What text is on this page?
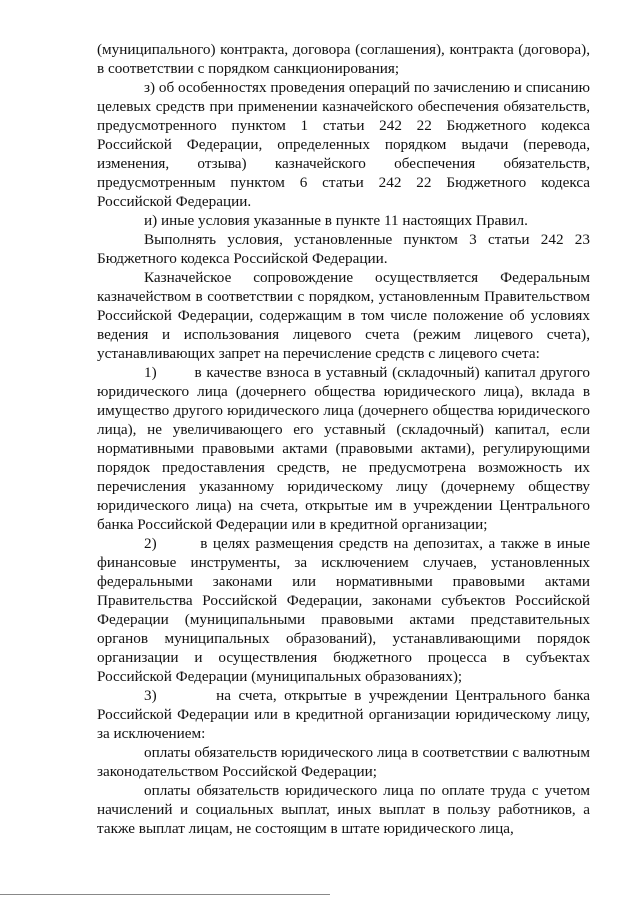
(муниципального) контракта, договора (соглашения), контракта (договора), в соответствии с порядком санкционирования;

з) об особенностях проведения операций по зачислению и списанию целевых средств при применении казначейского обеспечения обязательств, предусмотренного пунктом 1 статьи 242 22 Бюджетного кодекса Российской Федерации, определенных порядком выдачи (перевода, изменения, отзыва) казначейского обеспечения обязательств, предусмотренным пунктом 6 статьи 242 22 Бюджетного кодекса Российской Федерации.

и) иные условия указанные в пункте 11 настоящих Правил.

Выполнять условия, установленные пунктом 3 статьи 242 23 Бюджетного кодекса Российской Федерации.

Казначейское сопровождение осуществляется Федеральным казначейством в соответствии с порядком, установленным Правительством Российской Федерации, содержащим в том числе положение об условиях ведения и использования лицевого счета (режим лицевого счета), устанавливающих запрет на перечисление средств с лицевого счета:

1)        в качестве взноса в уставный (складочный) капитал другого юридического лица (дочернего общества юридического лица), вклада в имущество другого юридического лица (дочернего общества юридического лица), не увеличивающего его уставный (складочный) капитал, если нормативными правовыми актами (правовыми актами), регулирующими порядок предоставления средств, не предусмотрена возможность их перечисления указанному юридическому лицу (дочернему обществу юридического лица) на счета, открытые им в учреждении Центрального банка Российской Федерации или в кредитной организации;

2)        в целях размещения средств на депозитах, а также в иные финансовые инструменты, за исключением случаев, установленных федеральными законами или нормативными правовыми актами Правительства Российской Федерации, законами субъектов Российской Федерации (муниципальными правовыми актами представительных органов муниципальных образований), устанавливающими порядок организации и осуществления бюджетного процесса в субъектах Российской Федерации (муниципальных образованиях);

3)        на счета, открытые в учреждении Центрального банка Российской Федерации или в кредитной организации юридическому лицу, за исключением:

оплаты обязательств юридического лица в соответствии с валютным законодательством Российской Федерации;

оплаты обязательств юридического лица по оплате труда с учетом начислений и социальных выплат, иных выплат в пользу работников, а также выплат лицам, не состоящим в штате юридического лица,
